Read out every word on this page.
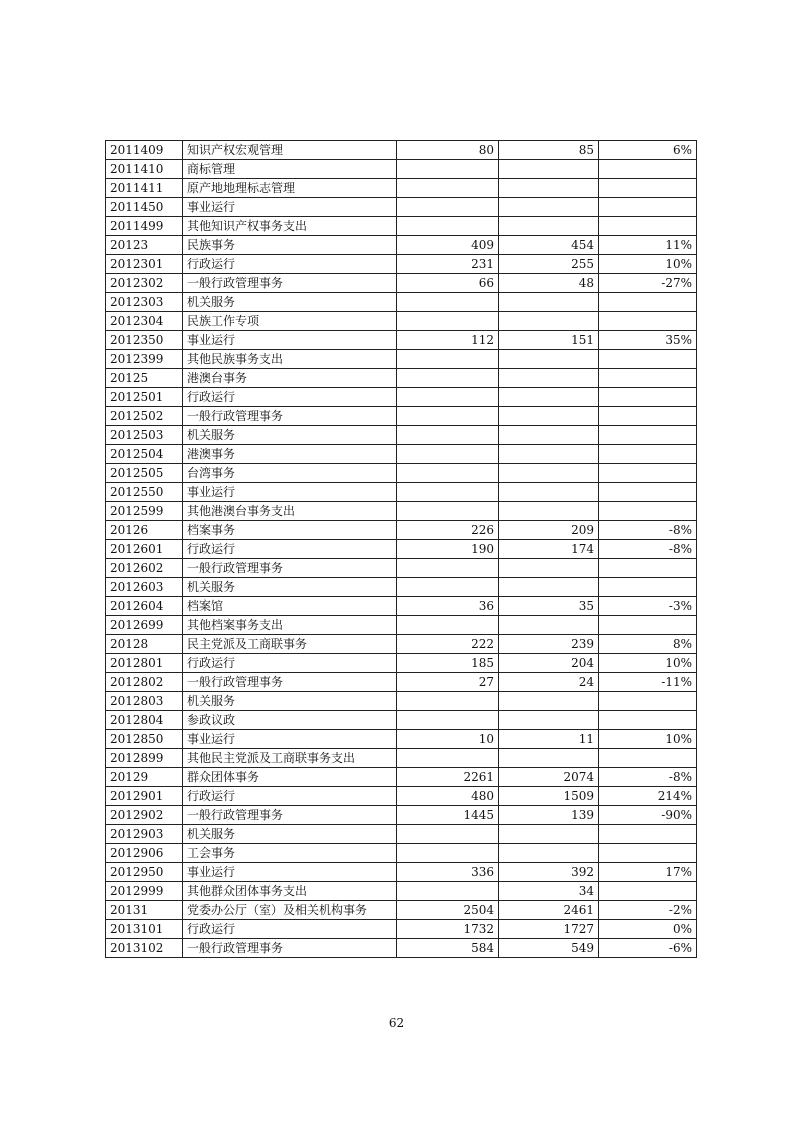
2011409	知识产权宏观管理	80	85	6%
2011410	商标管理			
2011411	原产地地理标志管理			
2011450	事业运行			
2011499	其他知识产权事务支出			
20123	民族事务	409	454	11%
2012301	行政运行	231	255	10%
2012302	一般行政管理事务	66	48	-27%
2012303	机关服务			
2012304	民族工作专项			
2012350	事业运行	112	151	35%
2012399	其他民族事务支出			
20125	港澳台事务			
2012501	行政运行			
2012502	一般行政管理事务			
2012503	机关服务			
2012504	港澳事务			
2012505	台湾事务			
2012550	事业运行			
2012599	其他港澳台事务支出			
20126	档案事务	226	209	-8%
2012601	行政运行	190	174	-8%
2012602	一般行政管理事务			
2012603	机关服务			
2012604	档案馆	36	35	-3%
2012699	其他档案事务支出			
20128	民主党派及工商联事务	222	239	8%
2012801	行政运行	185	204	10%
2012802	一般行政管理事务	27	24	-11%
2012803	机关服务			
2012804	参政议政			
2012850	事业运行	10	11	10%
2012899	其他民主党派及工商联事务支出			
20129	群众团体事务	2261	2074	-8%
2012901	行政运行	480	1509	214%
2012902	一般行政管理事务	1445	139	-90%
2012903	机关服务			
2012906	工会事务			
2012950	事业运行	336	392	17%
2012999	其他群众团体事务支出		34	
20131	党委办公厅（室）及相关机构事务	2504	2461	-2%
2013101	行政运行	1732	1727	0%
2013102	一般行政管理事务	584	549	-6%
62
